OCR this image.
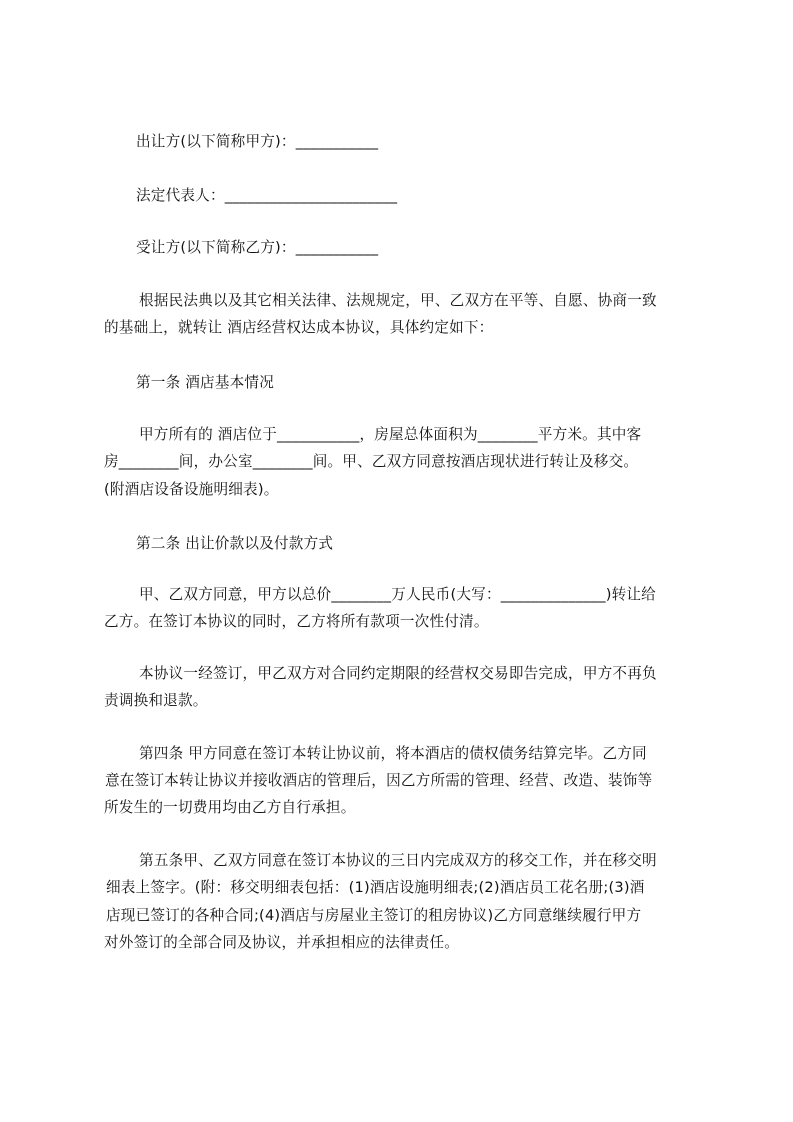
出让方(以下简称甲方)：___________
法定代表人：_______________________
受让方(以下简称乙方)：___________
根据民法典以及其它相关法律、法规规定，甲、乙双方在平等、自愿、协商一致
的基础上，就转让 酒店经营权达成本协议，具体约定如下：
第一条 酒店基本情况
甲方所有的 酒店位于___________，房屋总体面积为________平方米。其中客
房________间，办公室________间。甲、乙双方同意按酒店现状进行转让及移交。
(附酒店设备设施明细表)。
第二条 出让价款以及付款方式
甲、乙双方同意，甲方以总价________万人民币(大写：______________)转让给
乙方。在签订本协议的同时，乙方将所有款项一次性付清。
本协议一经签订，甲乙双方对合同约定期限的经营权交易即告完成，甲方不再负
责调换和退款。
第四条 甲方同意在签订本转让协议前，将本酒店的债权债务结算完毕。乙方同
意在签订本转让协议并接收酒店的管理后，因乙方所需的管理、经营、改造、装饰等
所发生的一切费用均由乙方自行承担。
第五条甲、乙双方同意在签订本协议的三日内完成双方的移交工作，并在移交明
细表上签字。(附：移交明细表包括：(1)酒店设施明细表;(2)酒店员工花名册;(3)酒
店现已签订的各种合同;(4)酒店与房屋业主签订的租房协议)乙方同意继续履行甲方
对外签订的全部合同及协议，并承担相应的法律责任。
